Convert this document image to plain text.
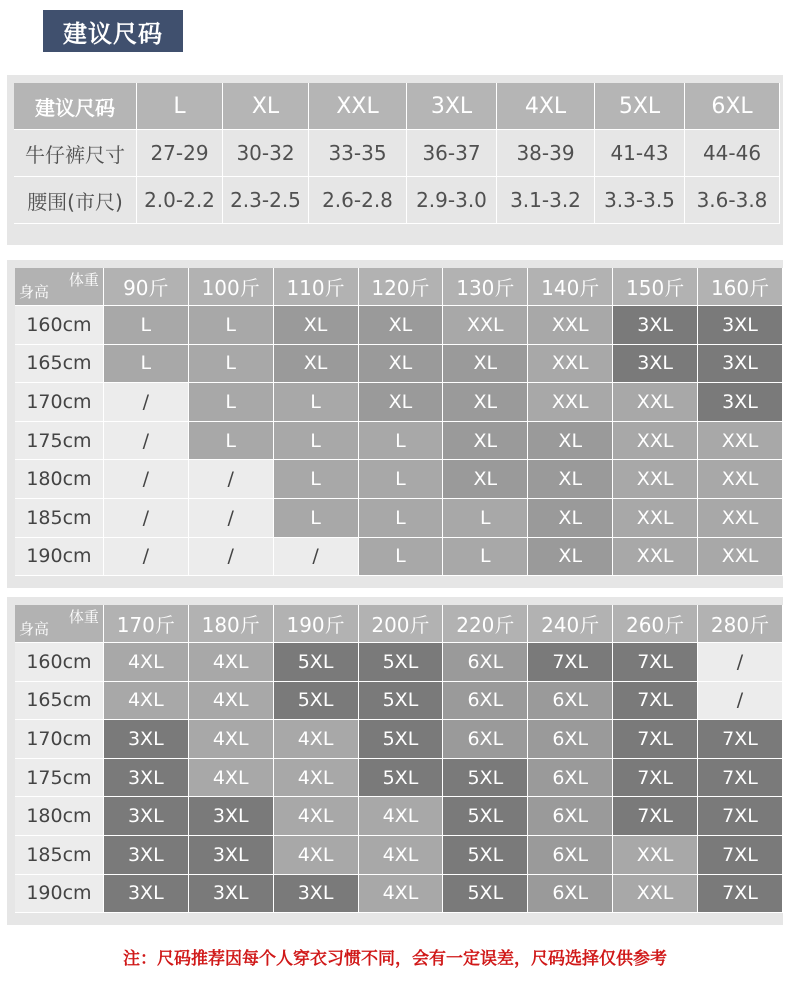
建议尺码
建议尺码	L	XL	XXL	3XL	4XL	5XL	6XL
牛仔裤尺寸	27-29	30-32	33-35	36-37	38-39	41-43	44-46
腰围(市尺)	2.0-2.2	2.3-2.5	2.6-2.8	2.9-3.0	3.1-3.2	3.3-3.5	3.6-3.8
体重
身高	90斤	100斤	110斤	120斤	130斤	140斤	150斤	160斤
160cm	L	L	XL	XL	XXL	XXL	3XL	3XL
165cm	L	L	XL	XL	XL	XXL	3XL	3XL
170cm	/	L	L	XL	XL	XXL	XXL	3XL
175cm	/	L	L	L	XL	XL	XXL	XXL
180cm	/	/	L	L	XL	XL	XXL	XXL
185cm	/	/	L	L	L	XL	XXL	XXL
190cm	/	/	/	L	L	XL	XXL	XXL
体重
身高	170斤	180斤	190斤	200斤	220斤	240斤	260斤	280斤
160cm	4XL	4XL	5XL	5XL	6XL	7XL	7XL	/
165cm	4XL	4XL	5XL	5XL	6XL	6XL	7XL	/
170cm	3XL	4XL	4XL	5XL	6XL	6XL	7XL	7XL
175cm	3XL	4XL	4XL	5XL	5XL	6XL	7XL	7XL
180cm	3XL	3XL	4XL	4XL	5XL	6XL	7XL	7XL
185cm	3XL	3XL	4XL	4XL	5XL	6XL	XXL	7XL
190cm	3XL	3XL	3XL	4XL	5XL	6XL	XXL	7XL
注：尺码推荐因每个人穿衣习惯不同，会有一定误差，尺码选择仅供参考
